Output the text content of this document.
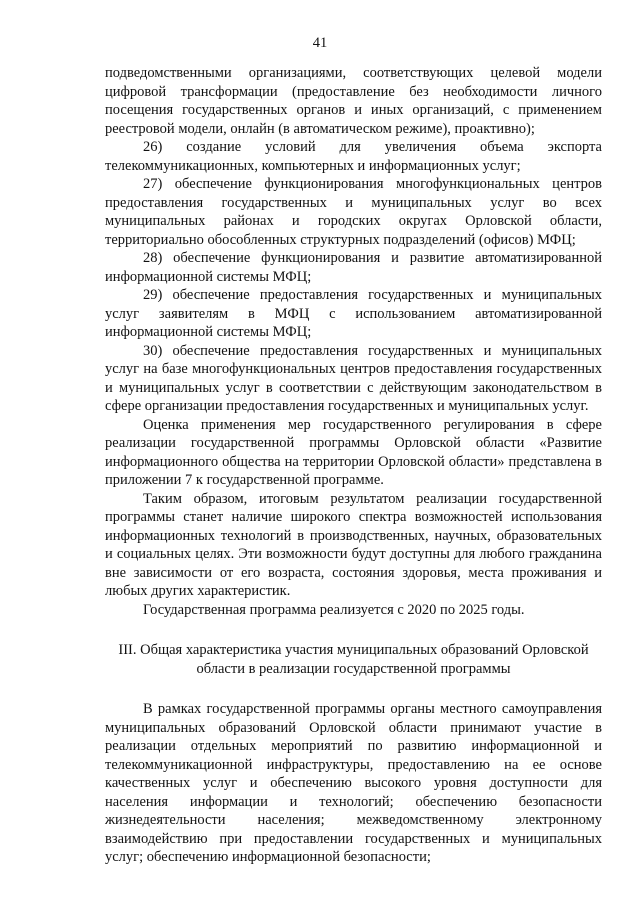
41

подведомственными организациями, соответствующих целевой модели цифровой трансформации (предоставление без необходимости личного посещения государственных органов и иных организаций, с применением реестровой модели, онлайн (в автоматическом режиме), проактивно);

26) создание условий для увеличения объема экспорта телекоммуникационных, компьютерных и информационных услуг;

27) обеспечение функционирования многофункциональных центров предоставления государственных и муниципальных услуг во всех муниципальных районах и городских округах Орловской области, территориально обособленных структурных подразделений (офисов) МФЦ;

28) обеспечение функционирования и развитие автоматизированной информационной системы МФЦ;

29) обеспечение предоставления государственных и муниципальных услуг заявителям в МФЦ с использованием автоматизированной информационной системы МФЦ;

30) обеспечение предоставления государственных и муниципальных услуг на базе многофункциональных центров предоставления государственных и муниципальных услуг в соответствии с действующим законодательством в сфере организации предоставления государственных и муниципальных услуг.

Оценка применения мер государственного регулирования в сфере реализации государственной программы Орловской области «Развитие информационного общества на территории Орловской области» представлена в приложении 7 к государственной программе.

Таким образом, итоговым результатом реализации государственной программы станет наличие широкого спектра возможностей использования информационных технологий в производственных, научных, образовательных и социальных целях. Эти возможности будут доступны для любого гражданина вне зависимости от его возраста, состояния здоровья, места проживания и любых других характеристик.

Государственная программа реализуется с 2020 по 2025 годы.

III. Общая характеристика участия муниципальных образований Орловской области в реализации государственной программы

В рамках государственной программы органы местного самоуправления муниципальных образований Орловской области принимают участие в реализации отдельных мероприятий по развитию информационной и телекоммуникационной инфраструктуры, предоставлению на ее основе качественных услуг и обеспечению высокого уровня доступности для населения информации и технологий; обеспечению безопасности жизнедеятельности населения; межведомственному электронному взаимодействию при предоставлении государственных и муниципальных услуг; обеспечению информационной безопасности;
